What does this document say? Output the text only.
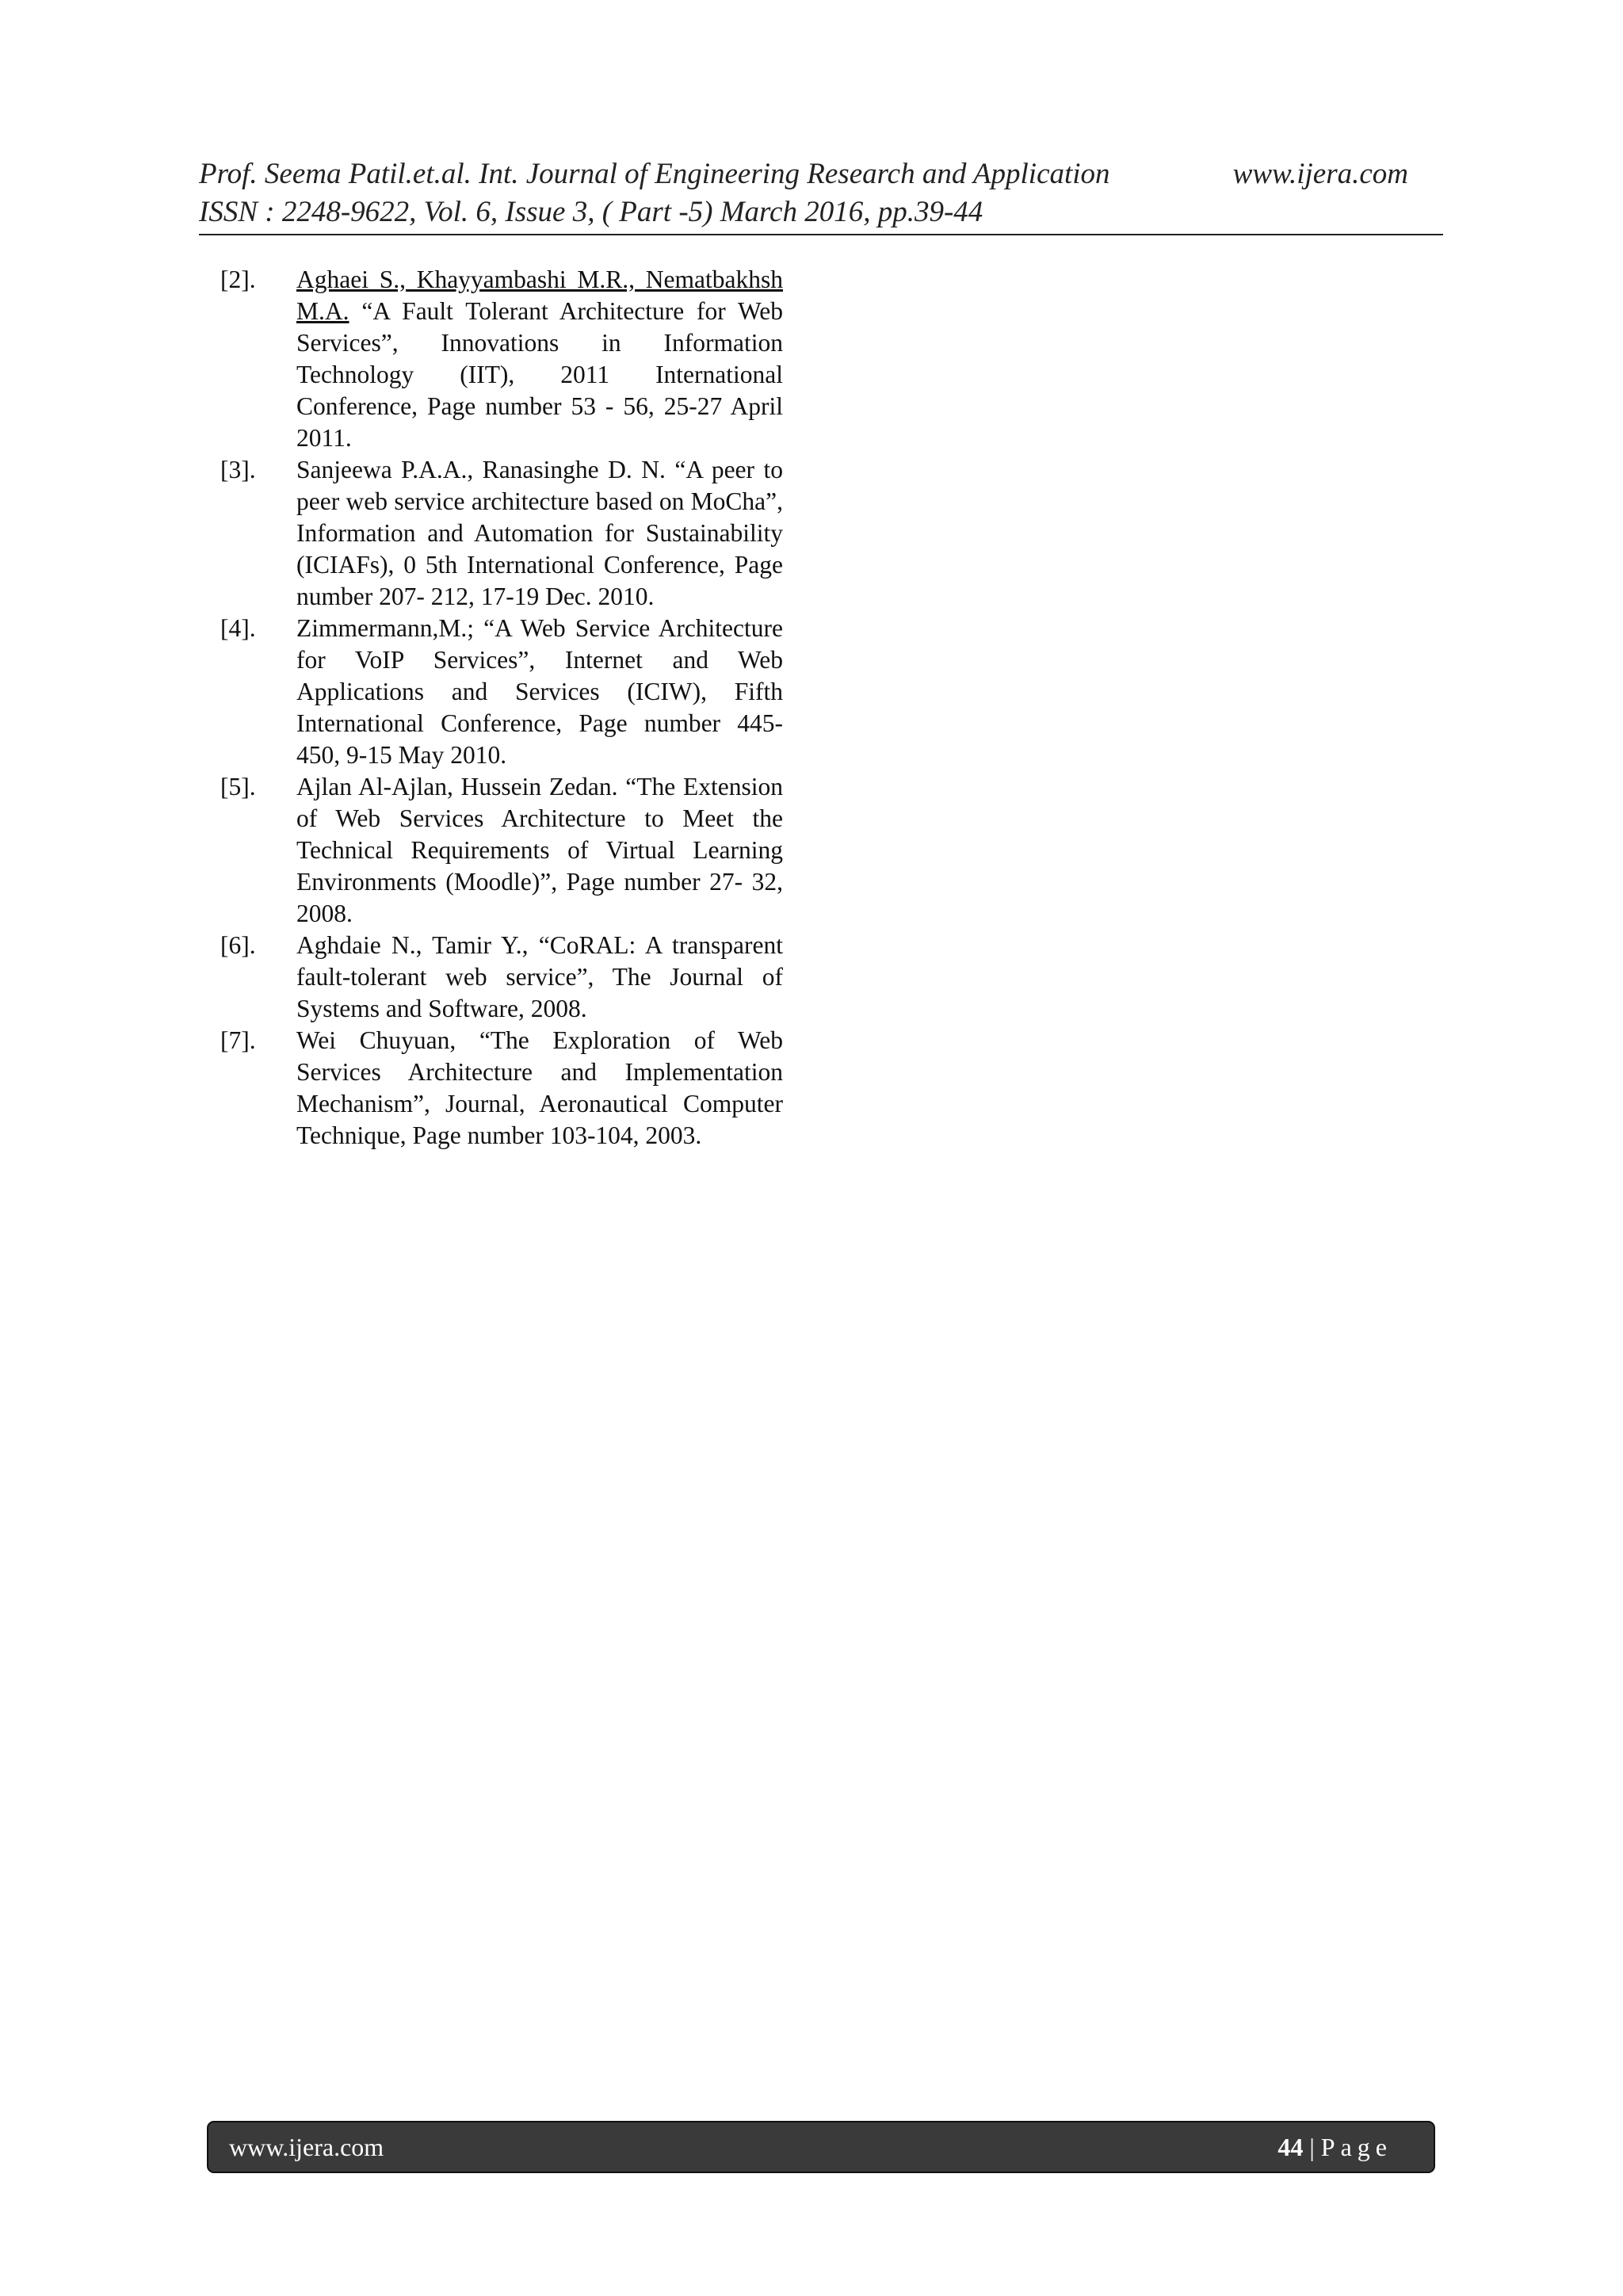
Prof. Seema Patil.et.al. Int. Journal of Engineering Research and Application	www.ijera.com
ISSN : 2248-9622, Vol. 6, Issue 3, ( Part -5) March 2016, pp.39-44
[2].	Aghaei S., Khayyambashi M.R., Nematbakhsh M.A. “A Fault Tolerant Architecture for Web Services”, Innovations in Information Technology (IIT), 2011 International Conference, Page number 53 - 56, 25-27 April 2011.
[3].	Sanjeewa P.A.A., Ranasinghe D. N. “A peer to peer web service architecture based on MoCha”, Information and Automation for Sustainability (ICIAFs), 0 5th International Conference, Page number 207- 212, 17-19 Dec. 2010.
[4].	Zimmermann,M.; “A Web Service Architecture for VoIP Services”, Internet and Web Applications and Services (ICIW), Fifth International Conference, Page number 445-450, 9-15 May 2010.
[5].	Ajlan Al-Ajlan, Hussein Zedan. “The Extension of Web Services Architecture to Meet the Technical Requirements of Virtual Learning Environments (Moodle)”, Page number 27- 32, 2008.
[6].	Aghdaie N., Tamir Y., “CoRAL: A transparent fault-tolerant web service”, The Journal of Systems and Software, 2008.
[7].	Wei Chuyuan, “The Exploration of Web Services Architecture and Implementation Mechanism”, Journal, Aeronautical Computer Technique, Page number 103-104, 2003.
www.ijera.com	44 | Page
